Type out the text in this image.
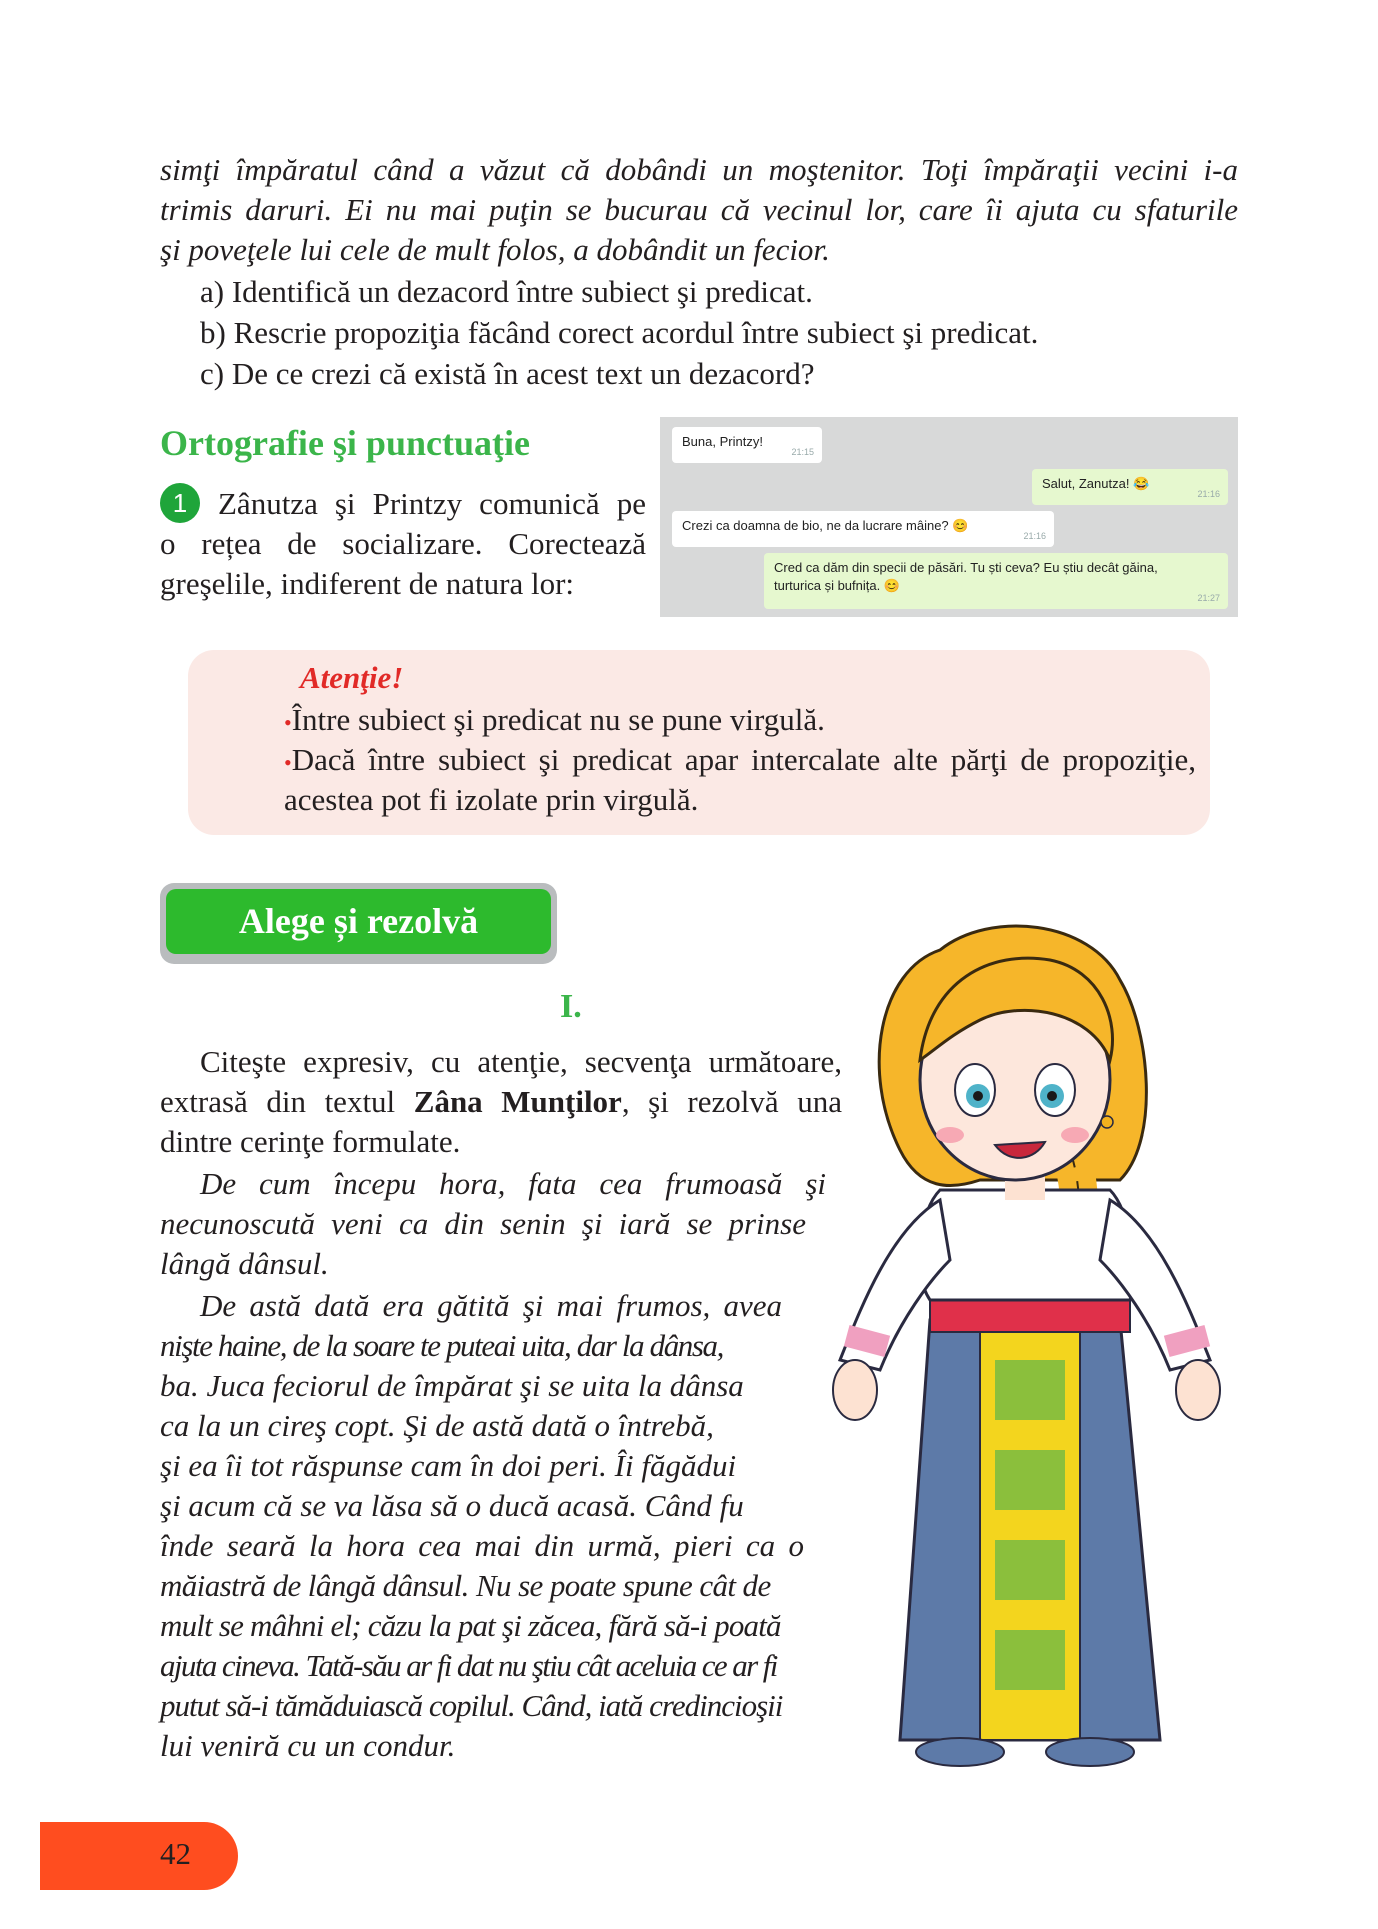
simţi împăratul când a văzut că dobândi un moştenitor. Toţi împăraţii vecini i-a
trimis daruri. Ei nu mai puţin se bucurau că vecinul lor, care îi ajuta cu sfaturile
şi poveţele lui cele de mult folos, a dobândit un fecior.
a) Identifică un dezacord între subiect şi predicat.
b) Rescrie propoziţia făcând corect acordul între subiect şi predicat.
c) De ce crezi că există în acest text un dezacord?
Ortografie şi punctuaţie
1 Zânutza şi Printzy comunică pe
o rețea de socializare. Corectează
greşelile, indiferent de natura lor:
Buna, Printzy!
21:15
Salut, Zanutza! 😂
21:16
Crezi ca doamna de bio, ne da lucrare mâine? 😊
21:16
Cred ca dăm din specii de păsări. Tu ști ceva? Eu știu decât găina,
turturica și bufnița. 😊
21:27
Atenţie!
•Între subiect şi predicat nu se pune virgulă.
•Dacă între subiect şi predicat apar intercalate alte părţi de propoziţie,
acestea pot fi izolate prin virgulă.
Alege și rezolvă
I.
Citeşte expresiv, cu atenţie, secvenţa următoare,
extrasă din textul Zâna Munţilor, şi rezolvă una
dintre cerinţe formulate.
De cum începu hora, fata cea frumoasă şi
necunoscută veni ca din senin şi iară se prinse
lângă dânsul.
De astă dată era gătită şi mai frumos, avea
nişte haine, de la soare te puteai uita, dar la dânsa,
ba. Juca feciorul de împărat şi se uita la dânsa
ca la un cireş copt. Şi de astă dată o întrebă,
şi ea îi tot răspunse cam în doi peri. Îi făgădui
şi acum că se va lăsa să o ducă acasă. Când fu
înde seară la hora cea mai din urmă, pieri ca o
măiastră de lângă dânsul. Nu se poate spune cât de
mult se mâhni el; căzu la pat şi zăcea, fără să-i poată
ajuta cineva. Tată-său ar fi dat nu ştiu cât aceluia ce ar fi
putut să-i tămăduiască copilul. Când, iată credincioşii
lui veniră cu un condur.
42
